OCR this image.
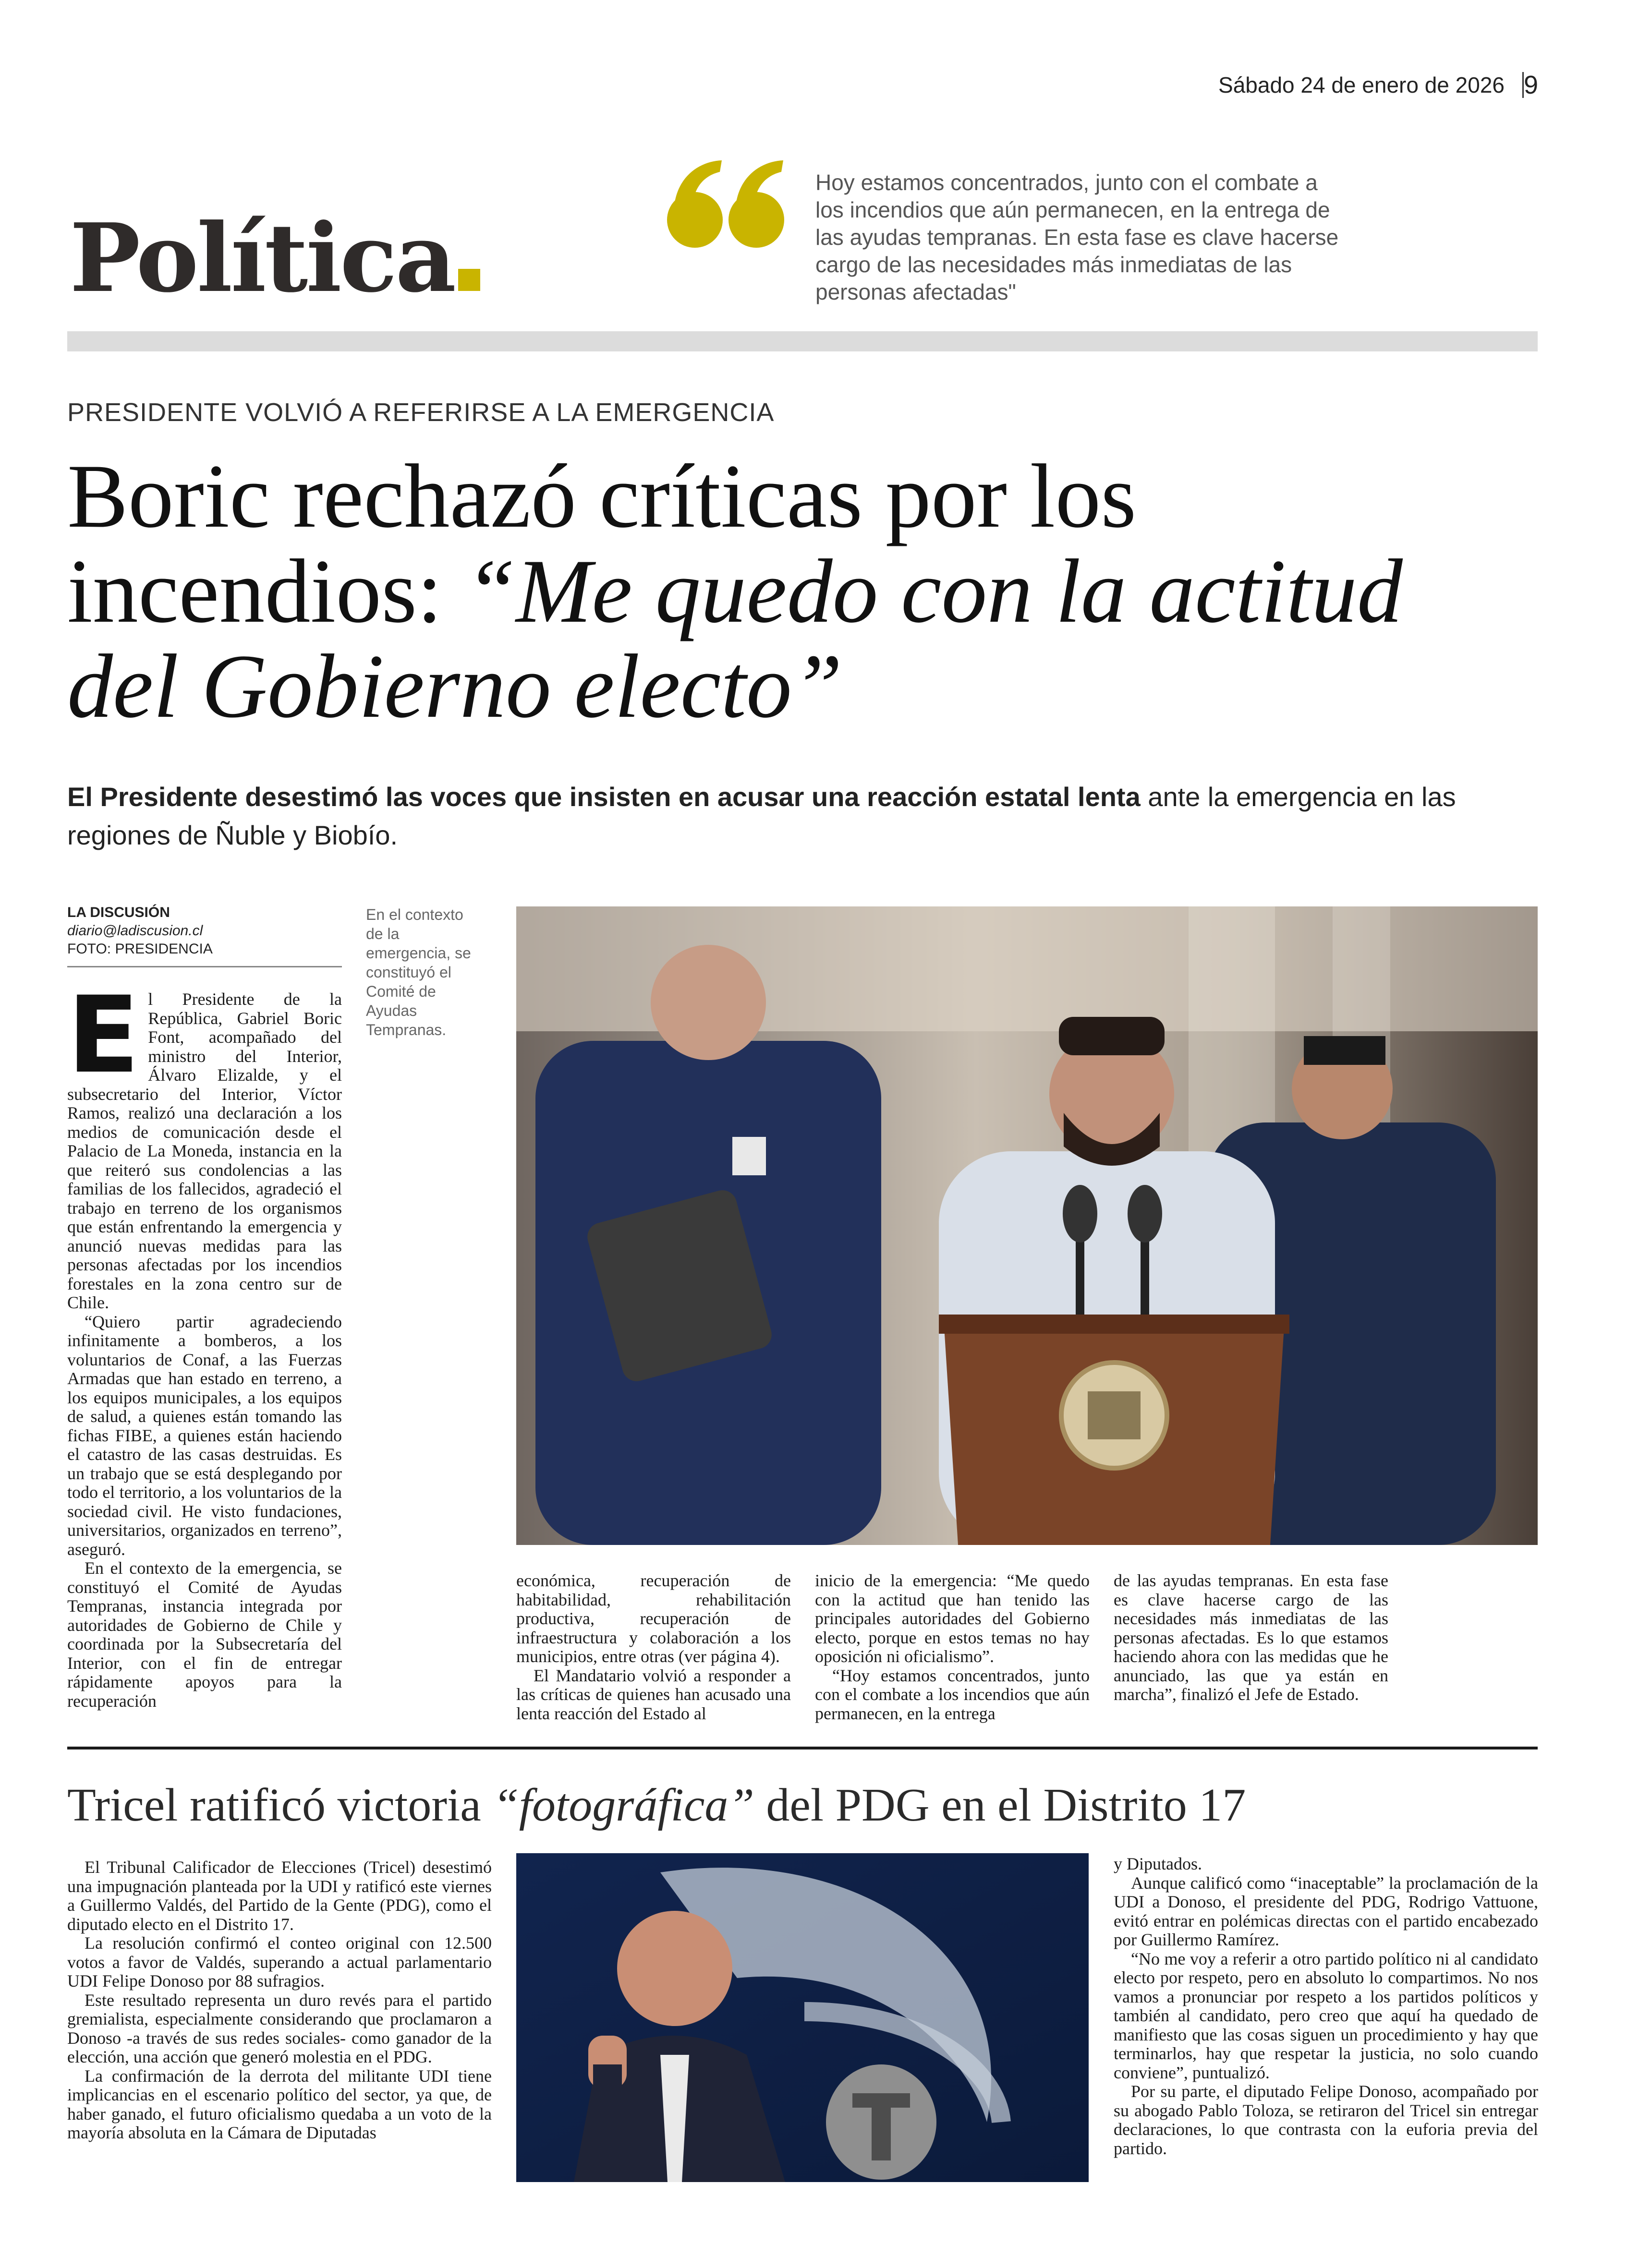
Sábado 24 de enero de 2026 9
Política
Hoy estamos concentrados, junto con el combate a los incendios que aún permanecen, en la entrega de las ayudas tempranas. En esta fase es clave hacerse cargo de las necesidades más inmediatas de las personas afectadas"
PRESIDENTE VOLVIÓ A REFERIRSE A LA EMERGENCIA
Boric rechazó críticas por los incendios: “Me quedo con la actitud del Gobierno electo”
El Presidente desestimó las voces que insisten en acusar una reacción estatal lenta ante la emergencia en las regiones de Ñuble y Biobío.
LA DISCUSIÓN
diario@ladiscusion.cl
FOTO: PRESIDENCIA
En el contexto de la emergencia, se constituyó el Comité de Ayudas Tempranas.

El Presidente de la República, Gabriel Boric Font, acompañado del ministro del Interior, Álvaro Elizalde, y el subsecretario del Interior, Víctor Ramos, realizó una declaración a los medios de comunicación desde el Palacio de La Moneda, instancia en la que reiteró sus condolencias a las familias de los fallecidos, agradeció el trabajo en terreno de los organismos que están enfrentando la emergencia y anunció nuevas medidas para las personas afectadas por los incendios forestales en la zona centro sur de Chile.

“Quiero partir agradeciendo infinitamente a bomberos, a los voluntarios de Conaf, a las Fuerzas Armadas que han estado en terreno, a los equipos municipales, a los equipos de salud, a quienes están tomando las fichas FIBE, a quienes están haciendo el catastro de las casas destruidas. Es un trabajo que se está desplegando por todo el territorio, a los voluntarios de la sociedad civil. He visto fundaciones, universitarios, organizados en terreno”, aseguró.

En el contexto de la emergencia, se constituyó el Comité de Ayudas Tempranas, instancia integrada por autoridades de Gobierno de Chile y coordinada por la Subsecretaría del Interior, con el fin de entregar rápidamente apoyos para la recuperación

económica, recuperación de habitabilidad, rehabilitación productiva, recuperación de infraestructura y colaboración a los municipios, entre otras (ver página 4).

El Mandatario volvió a responder a las críticas de quienes han acusado una lenta reacción del Estado al

inicio de la emergencia: “Me quedo con la actitud que han tenido las principales autoridades del Gobierno electo, porque en estos temas no hay oposición ni oficialismo”.

“Hoy estamos concentrados, junto con el combate a los incendios que aún permanecen, en la entrega

de las ayudas tempranas. En esta fase es clave hacerse cargo de las necesidades más inmediatas de las personas afectadas. Es lo que estamos haciendo ahora con las medidas que he anunciado, las que ya están en marcha”, finalizó el Jefe de Estado.

Tricel ratificó victoria “fotográfica” del PDG en el Distrito 17

El Tribunal Calificador de Elecciones (Tricel) desestimó una impugnación planteada por la UDI y ratificó este viernes a Guillermo Valdés, del Partido de la Gente (PDG), como el diputado electo en el Distrito 17.

La resolución confirmó el conteo original con 12.500 votos a favor de Valdés, superando a actual parlamentario UDI Felipe Donoso por 88 sufragios.

Este resultado representa un duro revés para el partido gremialista, especialmente considerando que proclamaron a Donoso -a través de sus redes sociales- como ganador de la elección, una acción que generó molestia en el PDG.

La confirmación de la derrota del militante UDI tiene implicancias en el escenario político del sector, ya que, de haber ganado, el futuro oficialismo quedaba a un voto de la mayoría absoluta en la Cámara de Diputadas

y Diputados.

Aunque calificó como “inaceptable” la proclamación de la UDI a Donoso, el presidente del PDG, Rodrigo Vattuone, evitó entrar en polémicas directas con el partido encabezado por Guillermo Ramírez.

“No me voy a referir a otro partido político ni al candidato electo por respeto, pero en absoluto lo compartimos. No nos vamos a pronunciar por respeto a los partidos políticos y también al candidato, pero creo que aquí ha quedado de manifiesto que las cosas siguen un procedimiento y hay que terminarlos, hay que respetar la justicia, no solo cuando conviene”, puntualizó.

Por su parte, el diputado Felipe Donoso, acompañado por su abogado Pablo Toloza, se retiraron del Tricel sin entregar declaraciones, lo que contrasta con la euforia previa del partido.
